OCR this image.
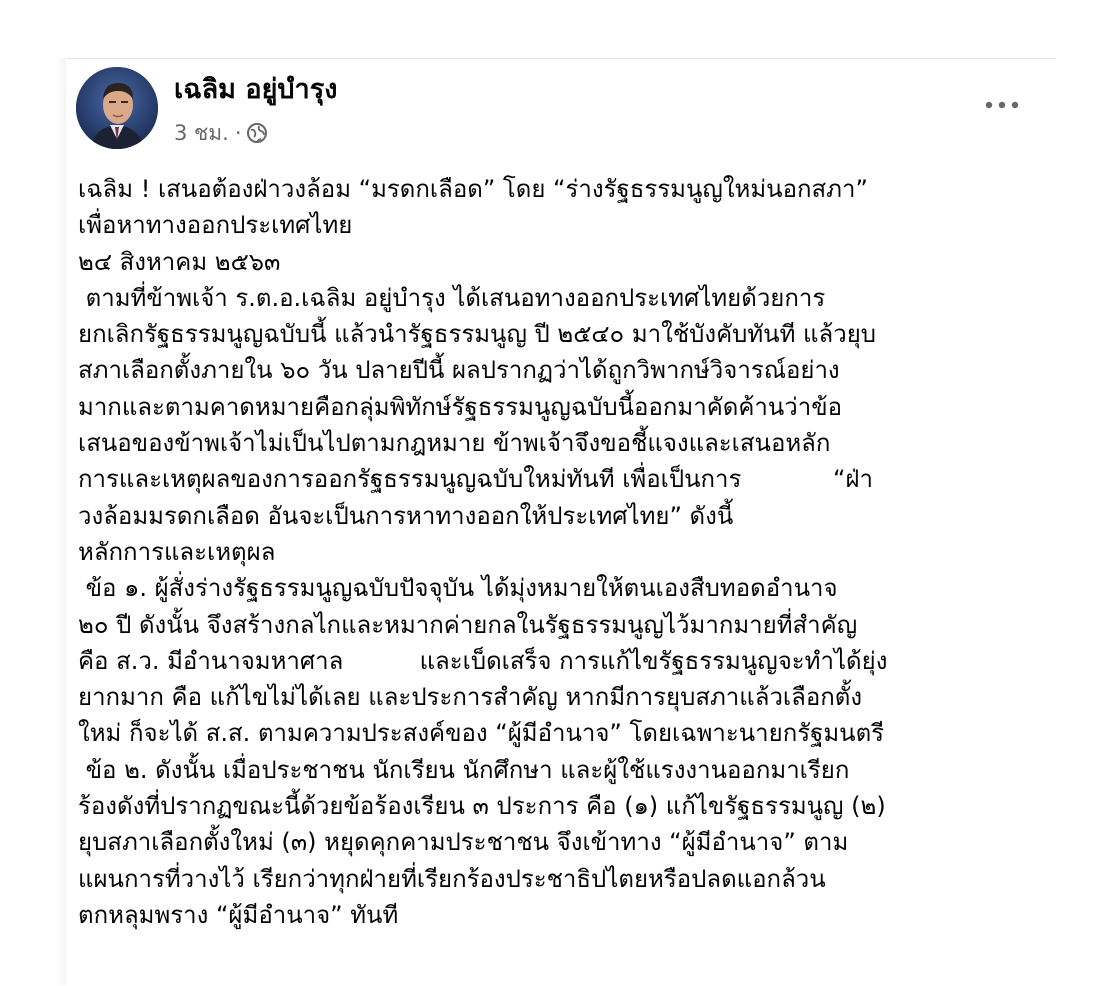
เฉลิม อยู่บำรุง
3 ชม. ·
เฉลิม ! เสนอต้องฝ่าวงล้อม “มรดกเลือด” โดย “ร่างรัฐธรรมนูญใหม่นอกสภา”
เพื่อหาทางออกประเทศไทย
๒๔ สิงหาคม ๒๕๖๓
ตามที่ข้าพเจ้า ร.ต.อ.เฉลิม อยู่บำรุง ได้เสนอทางออกประเทศไทยด้วยการ
ยกเลิกรัฐธรรมนูญฉบับนี้ แล้วนำรัฐธรรมนูญ ปี ๒๕๔๐ มาใช้บังคับทันที แล้วยุบ
สภาเลือกตั้งภายใน ๖๐ วัน ปลายปีนี้ ผลปรากฏว่าได้ถูกวิพากษ์วิจารณ์อย่าง
มากและตามคาดหมายคือกลุ่มพิทักษ์รัฐธรรมนูญฉบับนี้ออกมาคัดค้านว่าข้อ
เสนอของข้าพเจ้าไม่เป็นไปตามกฎหมาย ข้าพเจ้าจึงขอชี้แจงและเสนอหลัก
การและเหตุผลของการออกรัฐธรรมนูญฉบับใหม่ทันที เพื่อเป็นการ            “ฝ่า
วงล้อมมรดกเลือด อันจะเป็นการหาทางออกให้ประเทศไทย” ดังนี้
หลักการและเหตุผล
ข้อ ๑. ผู้สั่งร่างรัฐธรรมนูญฉบับปัจจุบัน ได้มุ่งหมายให้ตนเองสืบทอดอำนาจ
๒๐ ปี ดังนั้น จึงสร้างกลไกและหมากค่ายกลในรัฐธรรมนูญไว้มากมายที่สำคัญ
คือ ส.ว. มีอำนาจมหาศาล          และเบ็ดเสร็จ การแก้ไขรัฐธรรมนูญจะทำได้ยุ่ง
ยากมาก คือ แก้ไขไม่ได้เลย และประการสำคัญ หากมีการยุบสภาแล้วเลือกตั้ง
ใหม่ ก็จะได้ ส.ส. ตามความประสงค์ของ “ผู้มีอำนาจ” โดยเฉพาะนายกรัฐมนตรี
ข้อ ๒. ดังนั้น เมื่อประชาชน นักเรียน นักศึกษา และผู้ใช้แรงงานออกมาเรียก
ร้องดังที่ปรากฏขณะนี้ด้วยข้อร้องเรียน ๓ ประการ คือ (๑) แก้ไขรัฐธรรมนูญ (๒)
ยุบสภาเลือกตั้งใหม่ (๓) หยุดคุกคามประชาชน จึงเข้าทาง “ผู้มีอำนาจ” ตาม
แผนการที่วางไว้ เรียกว่าทุกฝ่ายที่เรียกร้องประชาธิปไตยหรือปลดแอกล้วน
ตกหลุมพราง “ผู้มีอำนาจ” ทันที
